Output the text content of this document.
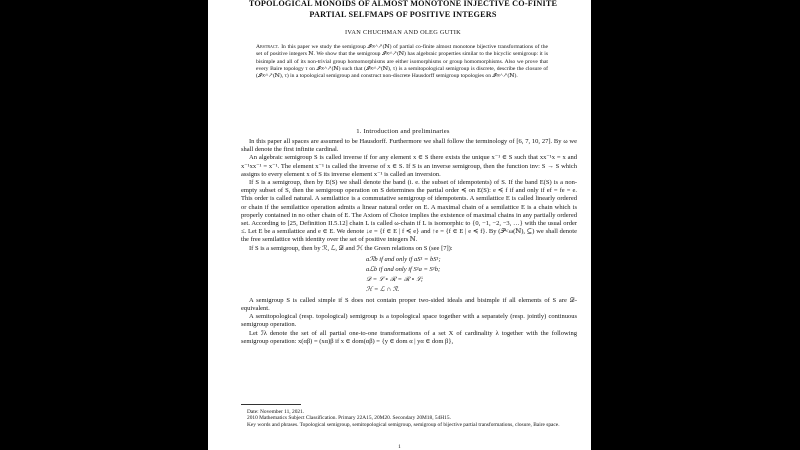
TOPOLOGICAL MONOIDS OF ALMOST MONOTONE INJECTIVE CO-FINITE
PARTIAL SELFMAPS OF POSITIVE INTEGERS
IVAN CHUCHMAN AND OLEG GUTIK
Abstract. In this paper we study the semigroup 𝓘∞^↗(ℕ) of partial co-finite almost monotone bijective transformations of the set of positive integers ℕ. We show that the semigroup 𝓘∞^↗(ℕ) has algebraic properties similar to the bicyclic semigroup: it is bisimple and all of its non-trivial group homomorphisms are either isomorphisms or group homomorphisms. Also we prove that every Baire topology τ on 𝓘∞^↗(ℕ) such that (𝓘∞^↗(ℕ), τ) is a semitopological semigroup is discrete, describe the closure of (𝓘∞^↗(ℕ), τ) in a topological semigroup and construct non-discrete Hausdorff semigroup topologies on 𝓘∞^↗(ℕ).
1. Introduction and preliminaries

In this paper all spaces are assumed to be Hausdorff. Furthermore we shall follow the terminology of [6, 7, 10, 27]. By ω we shall denote the first infinite cardinal.

An algebraic semigroup S is called inverse if for any element x ∈ S there exists the unique x⁻¹ ∈ S such that xx⁻¹x = x and x⁻¹xx⁻¹ = x⁻¹. The element x⁻¹ is called the inverse of x ∈ S. If S is an inverse semigroup, then the function inv: S → S which assigns to every element x of S its inverse element x⁻¹ is called an inversion.

If S is a semigroup, then by E(S) we shall denote the band (i. e. the subset of idempotents) of S. If the band E(S) is a non-empty subset of S, then the semigroup operation on S determines the partial order ≼ on E(S): e ≼ f if and only if ef = fe = e. This order is called natural. A semilattice is a commutative semigroup of idempotents. A semilattice E is called linearly ordered or chain if the semilattice operation admits a linear natural order on E. A maximal chain of a semilattice E is a chain which is properly contained in no other chain of E. The Axiom of Choice implies the existence of maximal chains in any partially ordered set. According to [25, Definition II.5.12] chain L is called ω-chain if L is isomorphic to {0, −1, −2, −3, …} with the usual order ≤. Let E be a semilattice and e ∈ E. We denote ↓e = {f ∈ E | f ≼ e} and ↑e = {f ∈ E | e ≼ f}. By (𝒫<ω(ℕ), ⊆) we shall denote the free semilattice with identity over the set of positive integers ℕ.

If S is a semigroup, then by ℛ, ℒ, 𝒟 and ℋ the Green relations on S (see [7]):

aℛb if and only if aS¹ = bS¹;
aℒb if and only if S¹a = S¹b;
𝒟 = ℒ ∘ ℛ = ℛ ∘ ℒ;
ℋ = ℒ ∩ ℛ.

A semigroup S is called simple if S does not contain proper two-sided ideals and bisimple if all elements of S are 𝒟-equivalent.

A semitopological (resp. topological) semigroup is a topological space together with a separately (resp. jointly) continuous semigroup operation.

Let ℐλ denote the set of all partial one-to-one transformations of a set X of cardinality λ together with the following semigroup operation: x(αβ) = (xα)β if x ∈ dom(αβ) = {y ∈ dom α | yα ∈ dom β},

Date: November 11, 2021.
2010 Mathematics Subject Classification. Primary 22A15, 20M20. Secondary 20M18, 54H15.
Key words and phrases. Topological semigroup, semitopological semigroup, semigroup of bijective partial transformations, closure, Baire space.
1
